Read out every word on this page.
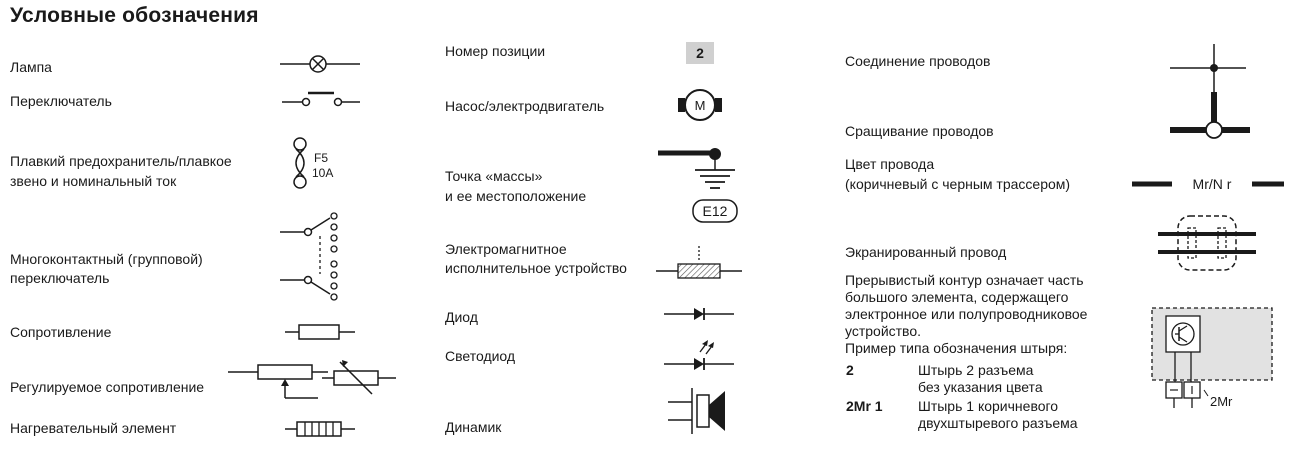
Условные обозначения
Лампа
Переключатель
Плавкий предохранитель/плавкое
звено и номинальный ток
F5
10A
Многоконтактный (групповой)
переключатель
Сопротивление
Регулируемое сопротивление
Нагревательный элемент
Номер позиции	2
Насос/электродвигатель	M
Точка «массы»
и ее местоположение
E12
Электромагнитное
исполнительное устройство
Диод
Светодиод
Динамик
Соединение проводов
Сращивание проводов
Цвет провода
(коричневый с черным трассером)	Mr/N r
Экранированный провод
Прерывистый контур означает часть
большого элемента, содержащего
электронное или полупроводниковое
устройство.
Пример типа обозначения штыря:
2	Штырь 2 разъема
без указания цвета
2Mr 1	Штырь 1 коричневого
двухштыревого разъема
2Mr
